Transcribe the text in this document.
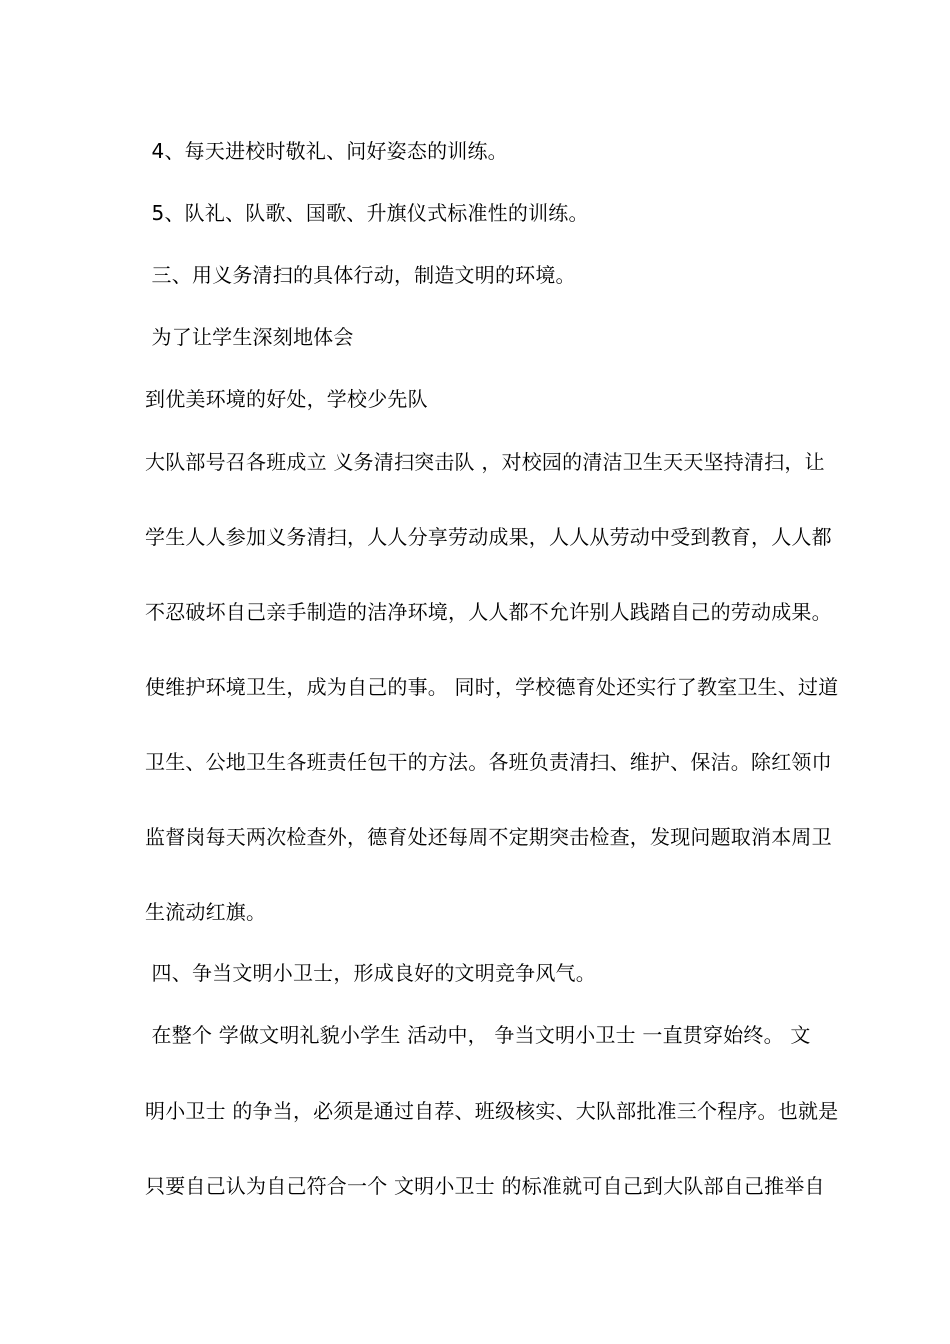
4、每天进校时敬礼、问好姿态的训练。
5、队礼、队歌、国歌、升旗仪式标准性的训练。
三、用义务清扫的具体行动，制造文明的环境。
为了让学生深刻地体会
到优美环境的好处，学校少先队
大队部号召各班成立 义务清扫突击队 ，对校园的清洁卫生天天坚持清扫，让
学生人人参加义务清扫，人人分享劳动成果，人人从劳动中受到教育，人人都
不忍破坏自己亲手制造的洁净环境，人人都不允许别人践踏自己的劳动成果。
使维护环境卫生，成为自己的事。 同时，学校德育处还实行了教室卫生、过道
卫生、公地卫生各班责任包干的方法。各班负责清扫、维护、保洁。除红领巾
监督岗每天两次检查外，德育处还每周不定期突击检查，发现问题取消本周卫
生流动红旗。
四、争当文明小卫士，形成良好的文明竞争风气。
在整个 学做文明礼貌小学生 活动中， 争当文明小卫士 一直贯穿始终。 文
明小卫士 的争当，必须是通过自荐、班级核实、大队部批准三个程序。也就是
只要自己认为自己符合一个 文明小卫士 的标准就可自己到大队部自己推举自
